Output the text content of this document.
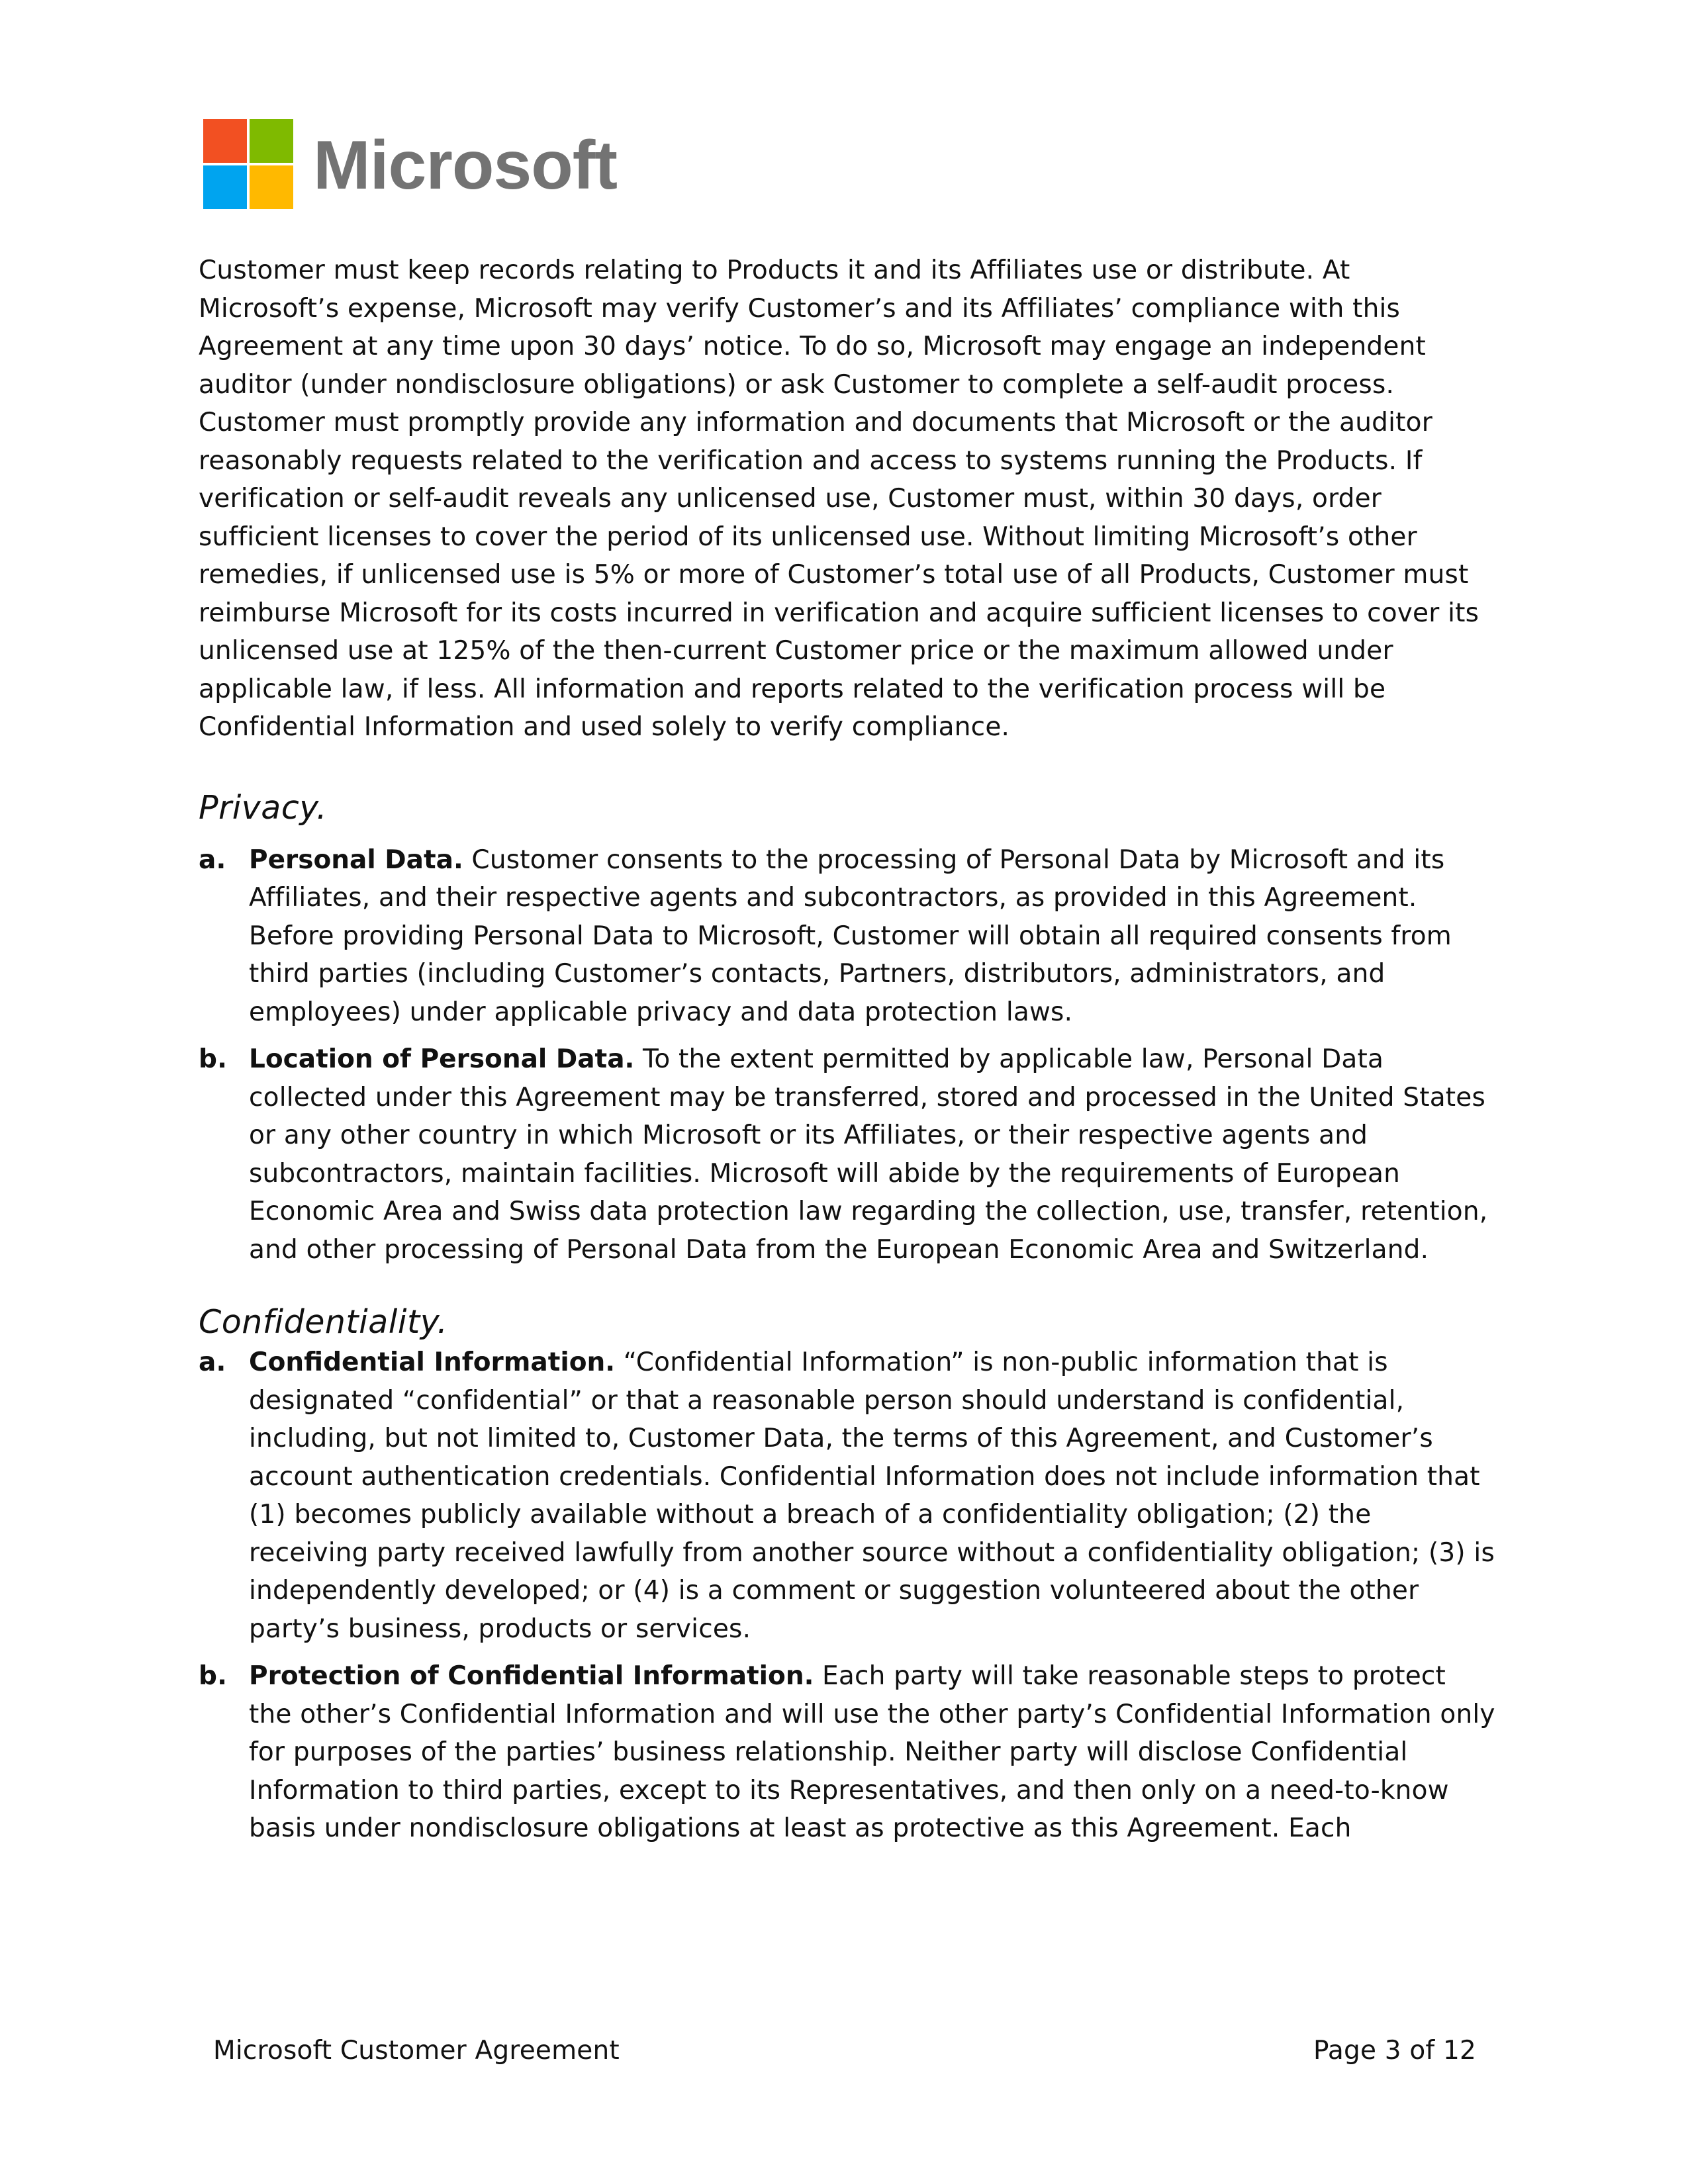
Microsoft

Customer must keep records relating to Products it and its Affiliates use or distribute. At Microsoft’s expense, Microsoft may verify Customer’s and its Affiliates’ compliance with this Agreement at any time upon 30 days’ notice. To do so, Microsoft may engage an independent auditor (under nondisclosure obligations) or ask Customer to complete a self-audit process. Customer must promptly provide any information and documents that Microsoft or the auditor reasonably requests related to the verification and access to systems running the Products. If verification or self-audit reveals any unlicensed use, Customer must, within 30 days, order sufficient licenses to cover the period of its unlicensed use. Without limiting Microsoft’s other remedies, if unlicensed use is 5% or more of Customer’s total use of all Products, Customer must reimburse Microsoft for its costs incurred in verification and acquire sufficient licenses to cover its unlicensed use at 125% of the then-current Customer price or the maximum allowed under applicable law, if less. All information and reports related to the verification process will be Confidential Information and used solely to verify compliance.

Privacy.
a. Personal Data. Customer consents to the processing of Personal Data by Microsoft and its Affiliates, and their respective agents and subcontractors, as provided in this Agreement. Before providing Personal Data to Microsoft, Customer will obtain all required consents from third parties (including Customer’s contacts, Partners, distributors, administrators, and employees) under applicable privacy and data protection laws.
b. Location of Personal Data. To the extent permitted by applicable law, Personal Data collected under this Agreement may be transferred, stored and processed in the United States or any other country in which Microsoft or its Affiliates, or their respective agents and subcontractors, maintain facilities. Microsoft will abide by the requirements of European Economic Area and Swiss data protection law regarding the collection, use, transfer, retention, and other processing of Personal Data from the European Economic Area and Switzerland.
Confidentiality.
a. Confidential Information. “Confidential Information” is non-public information that is designated “confidential” or that a reasonable person should understand is confidential, including, but not limited to, Customer Data, the terms of this Agreement, and Customer’s account authentication credentials. Confidential Information does not include information that (1) becomes publicly available without a breach of a confidentiality obligation; (2) the receiving party received lawfully from another source without a confidentiality obligation; (3) is independently developed; or (4) is a comment or suggestion volunteered about the other party’s business, products or services.
b. Protection of Confidential Information. Each party will take reasonable steps to protect the other’s Confidential Information and will use the other party’s Confidential Information only for purposes of the parties’ business relationship. Neither party will disclose Confidential Information to third parties, except to its Representatives, and then only on a need-to-know basis under nondisclosure obligations at least as protective as this Agreement. Each
Microsoft Customer Agreement	Page 3 of 12
